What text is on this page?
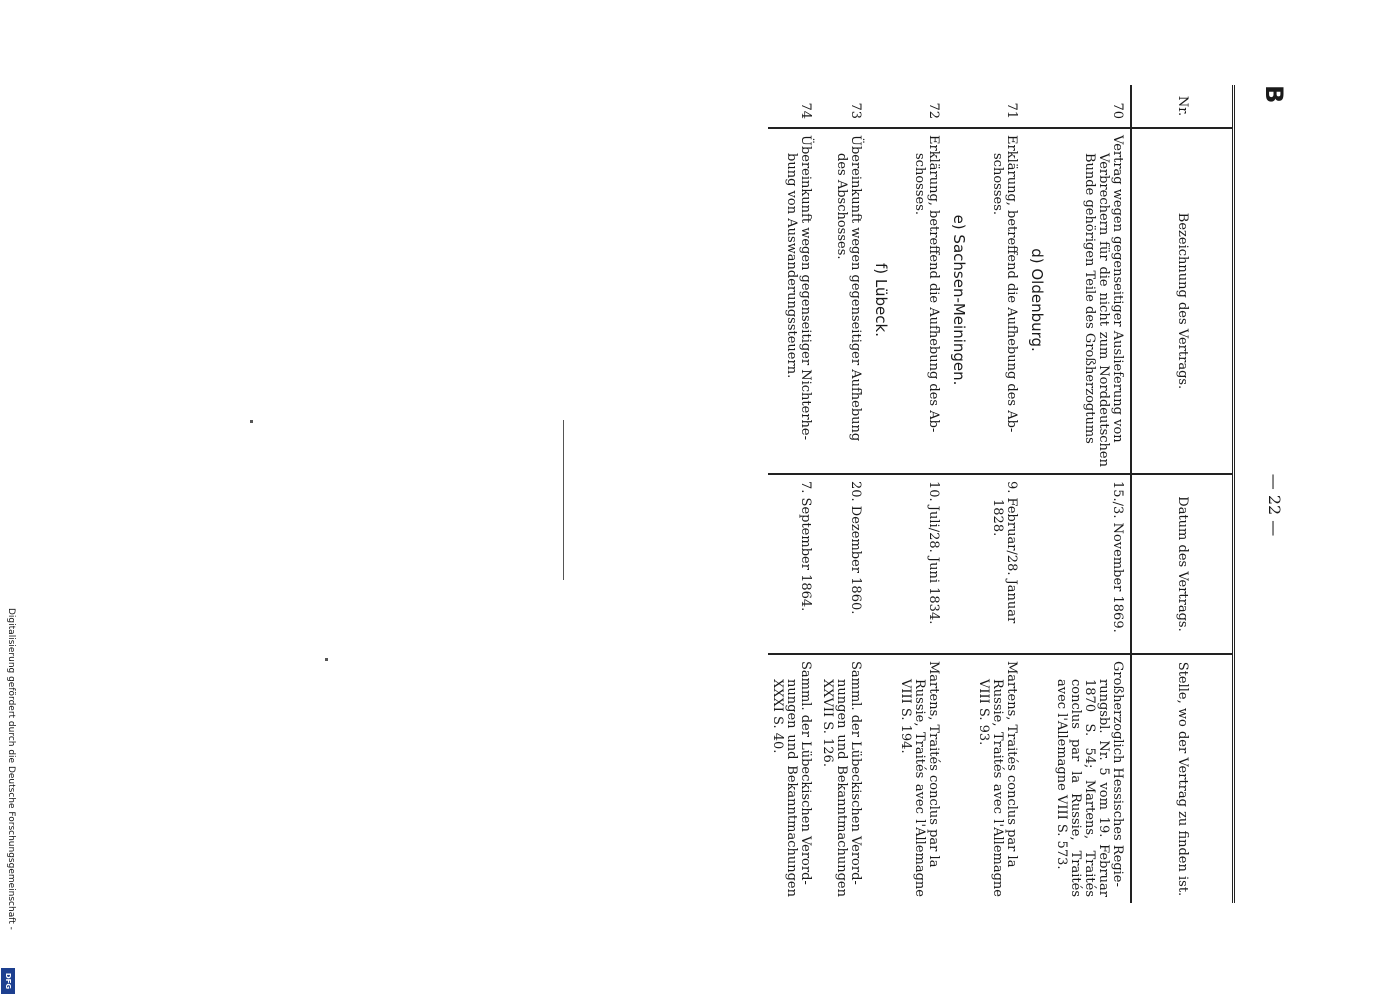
B
— 22 —
Nr.
Bezeichnung des Vertrags.
Datum des Vertrags.
Stelle, wo der Vertrag zu finden ist.
70
Vertrag wegen gegenseitiger Auslieferung von
Verbrechern für die nicht zum Norddeutschen Bunde gehörigen Teile des Großherzogtums
15./3. November 1869.
Großherzoglich Hessisches Regie-
rungsbl. Nr. 5 vom 19. Februar 1870 S. 54; Martens, Traités conclus par la Russie, Traités avec l'Allemagne VIII S. 573.
d) Oldenburg.
71
Erklärung, betreffend die Aufhebung des Ab-
schosses.
9. Februar/28. Januar
1828.
Martens, Traités conclus par la
Russie, Traités avec l'Allemagne VIII S. 93.
e) Sachsen-Meiningen.
72
Erklärung, betreffend die Aufhebung des Ab-
schosses.
10. Juli/28. Juni 1834.
Martens, Traités conclus par la
Russie, Traités avec l'Allemagne VIII S. 194.
f) Lübeck.
73
Übereinkunft wegen gegenseitiger Aufhebung
des Abschosses.
20. Dezember 1860.
Samml. der Lübeckischen Verord-
nungen und Bekanntmachungen XXVII S. 126.
74
Übereinkunft wegen gegenseitiger Nichterhe-
bung von Auswanderungssteuern.
7. September 1864.
Samml. der Lübeckischen Verord-
nungen und Bekanntmachungen XXXI S. 40.
Digitalisierung gefördert durch die Deutsche Forschungsgemeinschaft -
DFG
